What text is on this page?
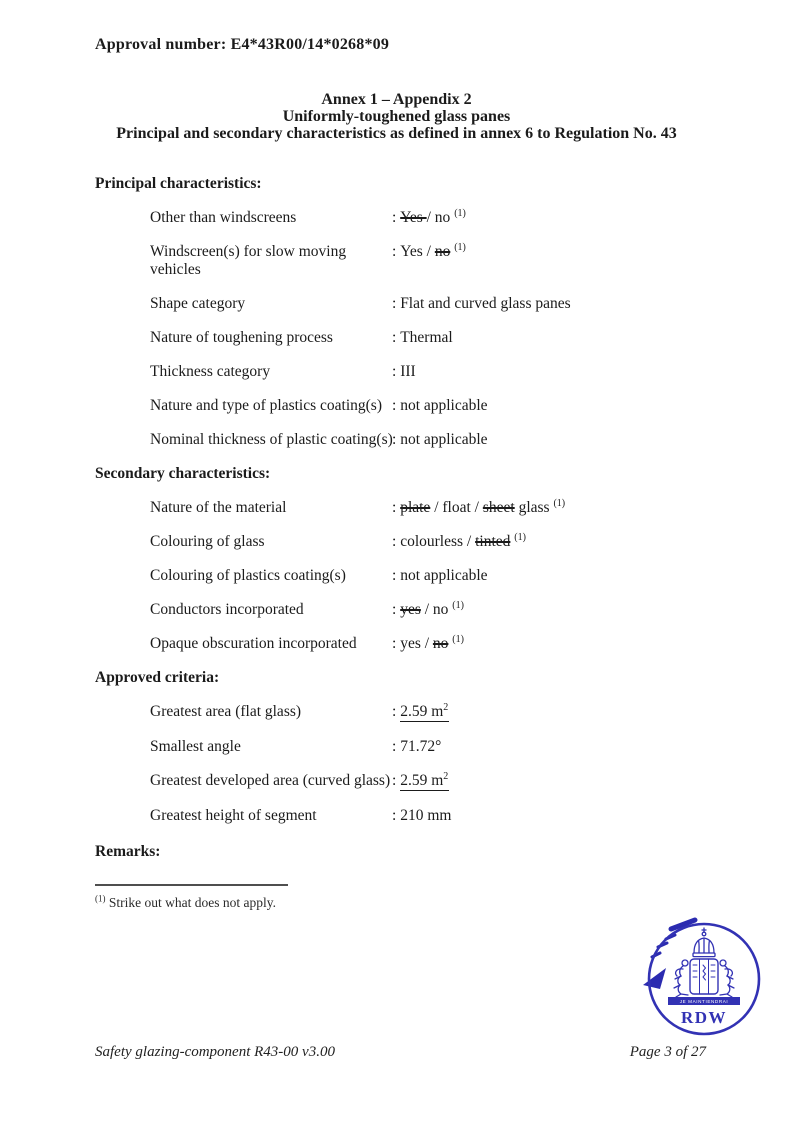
Approval number: E4*43R00/14*0268*09
Annex 1 – Appendix 2
Uniformly-toughened glass panes
Principal and secondary characteristics as defined in annex 6 to Regulation No. 43
Principal characteristics:
Other than windscreens	: Yes / no $^{(1)}$
Windscreen(s) for slow moving vehicles
: Yes / no $^{(1)}$
Shape category	: Flat and curved glass panes
Nature of toughening process	: Thermal
Thickness category	: III
Nature and type of plastics coating(s) : not applicable
Nominal thickness of plastic coating(s) : not applicable
Secondary characteristics:
Nature of the material	: plate / float / sheet glass $^{(1)}$
Colouring of glass	: colourless / tinted $^{(1)}$
Colouring of plastics coating(s)	: not applicable
Conductors incorporated	: yes / no $^{(1)}$
Opaque obscuration incorporated	: yes / no $^{(1)}$
Approved criteria:
Greatest area (flat glass)	: 2.59 $m^2$
Smallest angle	: 71.72°
Greatest developed area (curved glass) : 2.59 $m^2$
Greatest height of segment	: 210 mm
Remarks:
$^{(1)}$ Strike out what does not apply.
JE MAINTIENDRAI
RDW
Safety glazing-component R43-00 v3.00	Page 3 of 27
